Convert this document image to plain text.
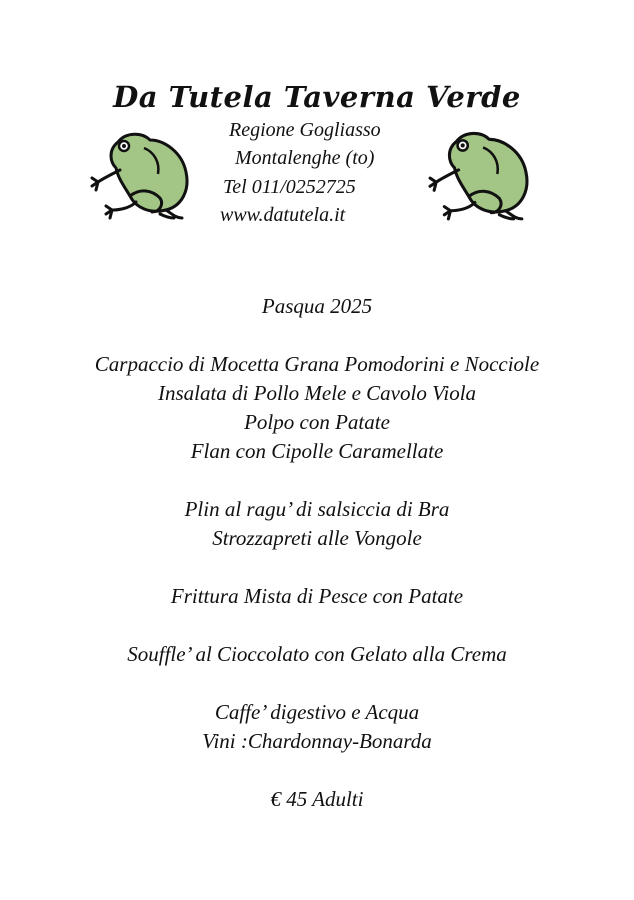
Da Tutela Taverna Verde
Regione Gogliasso
Montalenghe (to)
Tel 011/0252725
www.datutela.it
Pasqua 2025
Carpaccio di Mocetta Grana Pomodorini e Nocciole
Insalata di Pollo Mele e Cavolo Viola
Polpo con Patate
Flan con Cipolle Caramellate
Plin al ragu’ di salsiccia di Bra
Strozzapreti alle Vongole
Frittura Mista di Pesce con Patate
Souffle’ al Cioccolato con Gelato alla Crema
Caffe’ digestivo e Acqua
Vini :Chardonnay-Bonarda
€ 45 Adulti
